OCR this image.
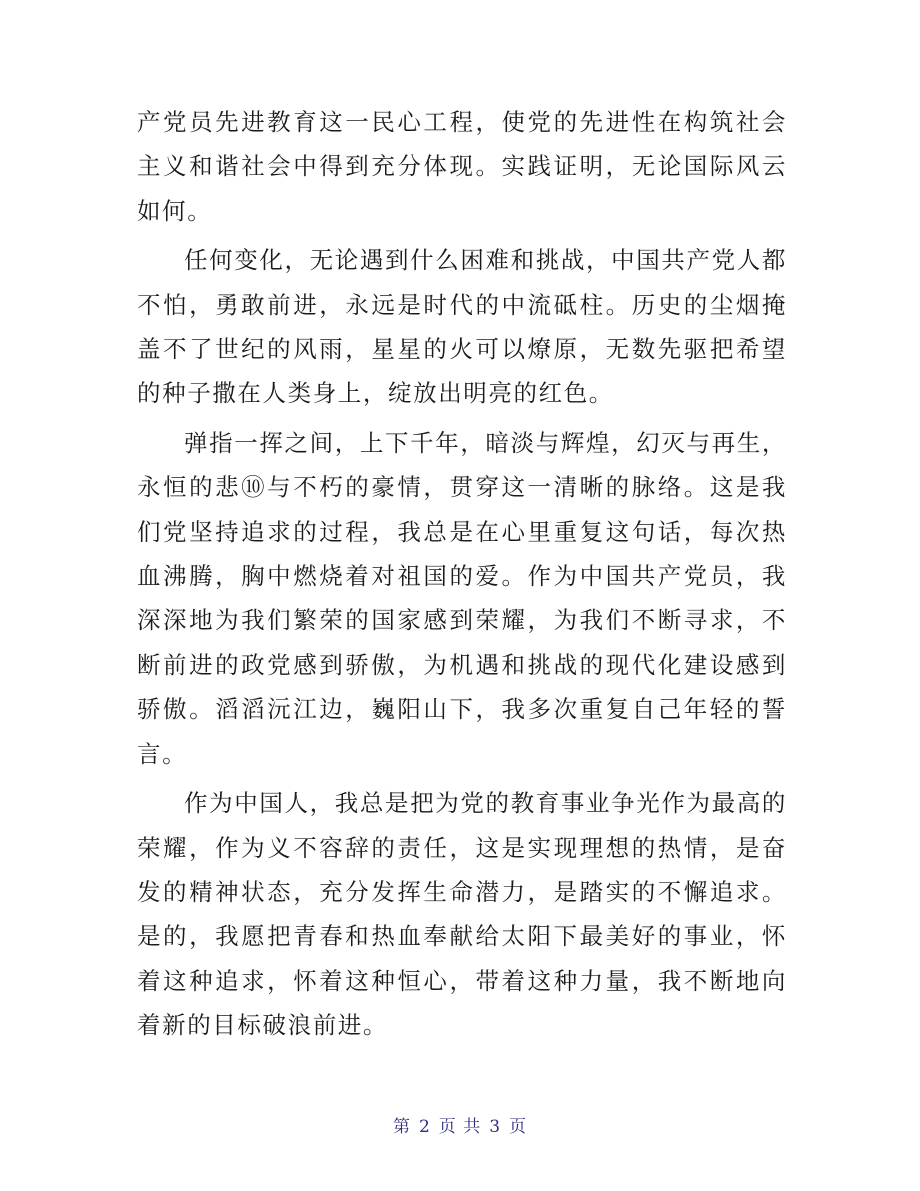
产党员先进教育这一民心工程，使党的先进性在构筑社会主义和谐社会中得到充分体现。实践证明，无论国际风云如何。

任何变化，无论遇到什么困难和挑战，中国共产党人都不怕，勇敢前进，永远是时代的中流砥柱。历史的尘烟掩盖不了世纪的风雨，星星的火可以燎原，无数先驱把希望的种子撒在人类身上，绽放出明亮的红色。

弹指一挥之间，上下千年，暗淡与辉煌，幻灭与再生，永恒的悲⑩与不朽的豪情，贯穿这一清晰的脉络。这是我们党坚持追求的过程，我总是在心里重复这句话，每次热血沸腾，胸中燃烧着对祖国的爱。作为中国共产党员，我深深地为我们繁荣的国家感到荣耀，为我们不断寻求，不断前进的政党感到骄傲，为机遇和挑战的现代化建设感到骄傲。滔滔沅江边，巍阳山下，我多次重复自己年轻的誓言。

作为中国人，我总是把为党的教育事业争光作为最高的荣耀，作为义不容辞的责任，这是实现理想的热情，是奋发的精神状态，充分发挥生命潜力，是踏实的不懈追求。是的，我愿把青春和热血奉献给太阳下最美好的事业，怀着这种追求，怀着这种恒心，带着这种力量，我不断地向着新的目标破浪前进。

第 2 页 共 3 页
